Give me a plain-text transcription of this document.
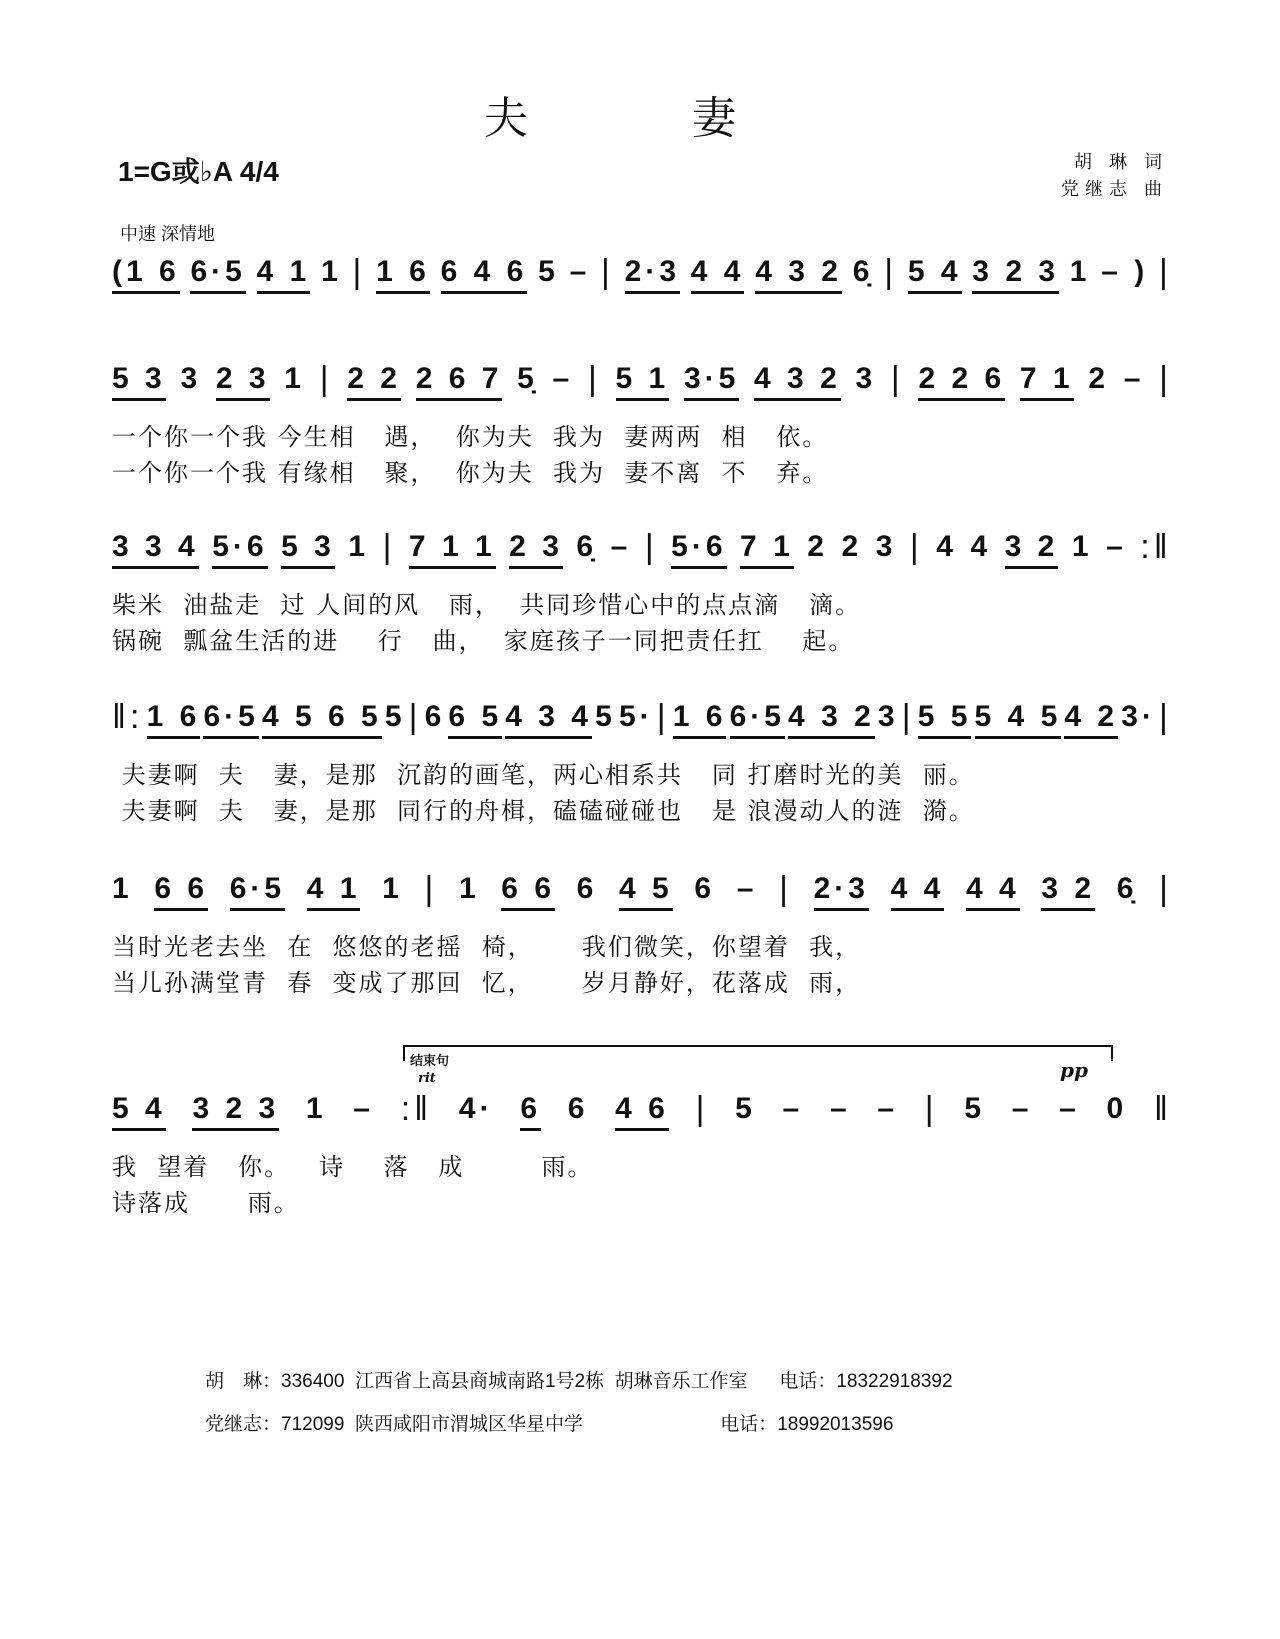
夫　妻
1=G或♭A 4/4
中速 深情地
胡 琳 词
党继志 曲
(1 6 6·5 4 1 1 | 1 6 6 4 6 5 – | 2·3 4 4 4 3 2 6̣ | 5 4 3 2 3 1 – ) |
5 3 3 2 3 1 | 2 2 2 6 7 5̣ – | 5 1 3·5 4 3 2 3 | 2 2 6 7 1 2 – |
一个你一个我 今生相   遇，  你为夫  我为  妻两两  相   依。
一个你一个我 有缘相   聚，  你为夫  我为  妻不离  不   弃。
3 3 4 5·6 5 3 1 | 7 1 1 2 3 6̣ – | 5·6 7 1 2 2 3 | 4 4 3 2 1 – :‖
柴米  油盐走  过 人间的风   雨，  共同珍惜心中的点点滴   滴。
锅碗  瓢盆生活的进    行   曲，  家庭孩子一同把责任扛    起。
‖: 1 6 6·5 4 5 6 5 5 | 6 6 5 4 3 4 5 5· | 1 6 6·5 4 3 2 3 | 5 5 5 4 5 4 2 3· |
夫妻啊  夫   妻，是那  沉韵的画笔，两心相系共   同 打磨时光的美  丽。
夫妻啊  夫   妻，是那  同行的舟楫，磕磕碰碰也   是 浪漫动人的涟  漪。
1 6 6 6·5 4 1 1 | 1 6 6 6 4 5 6 – | 2·3 4 4 4 4 3 2 6̣ |
当时光老去坐  在  悠悠的老摇  椅，     我们微笑，你望着  我，
当儿孙满堂青  春  变成了那回  忆，     岁月静好，花落成  雨，
5 4 3 2 3 1 – :‖ 4· 6 6 4 6 | 5 – – – | 5 – – 0 ‖
我  望着   你。   诗    落   成        雨。
诗落成      雨。
结束句
rit	pp
胡　琳：336400  江西省上高县商城南路1号2栋  胡琳音乐工作室      电话：18322918392
党继志：712099  陕西咸阳市渭城区华星中学                          电话：18992013596
